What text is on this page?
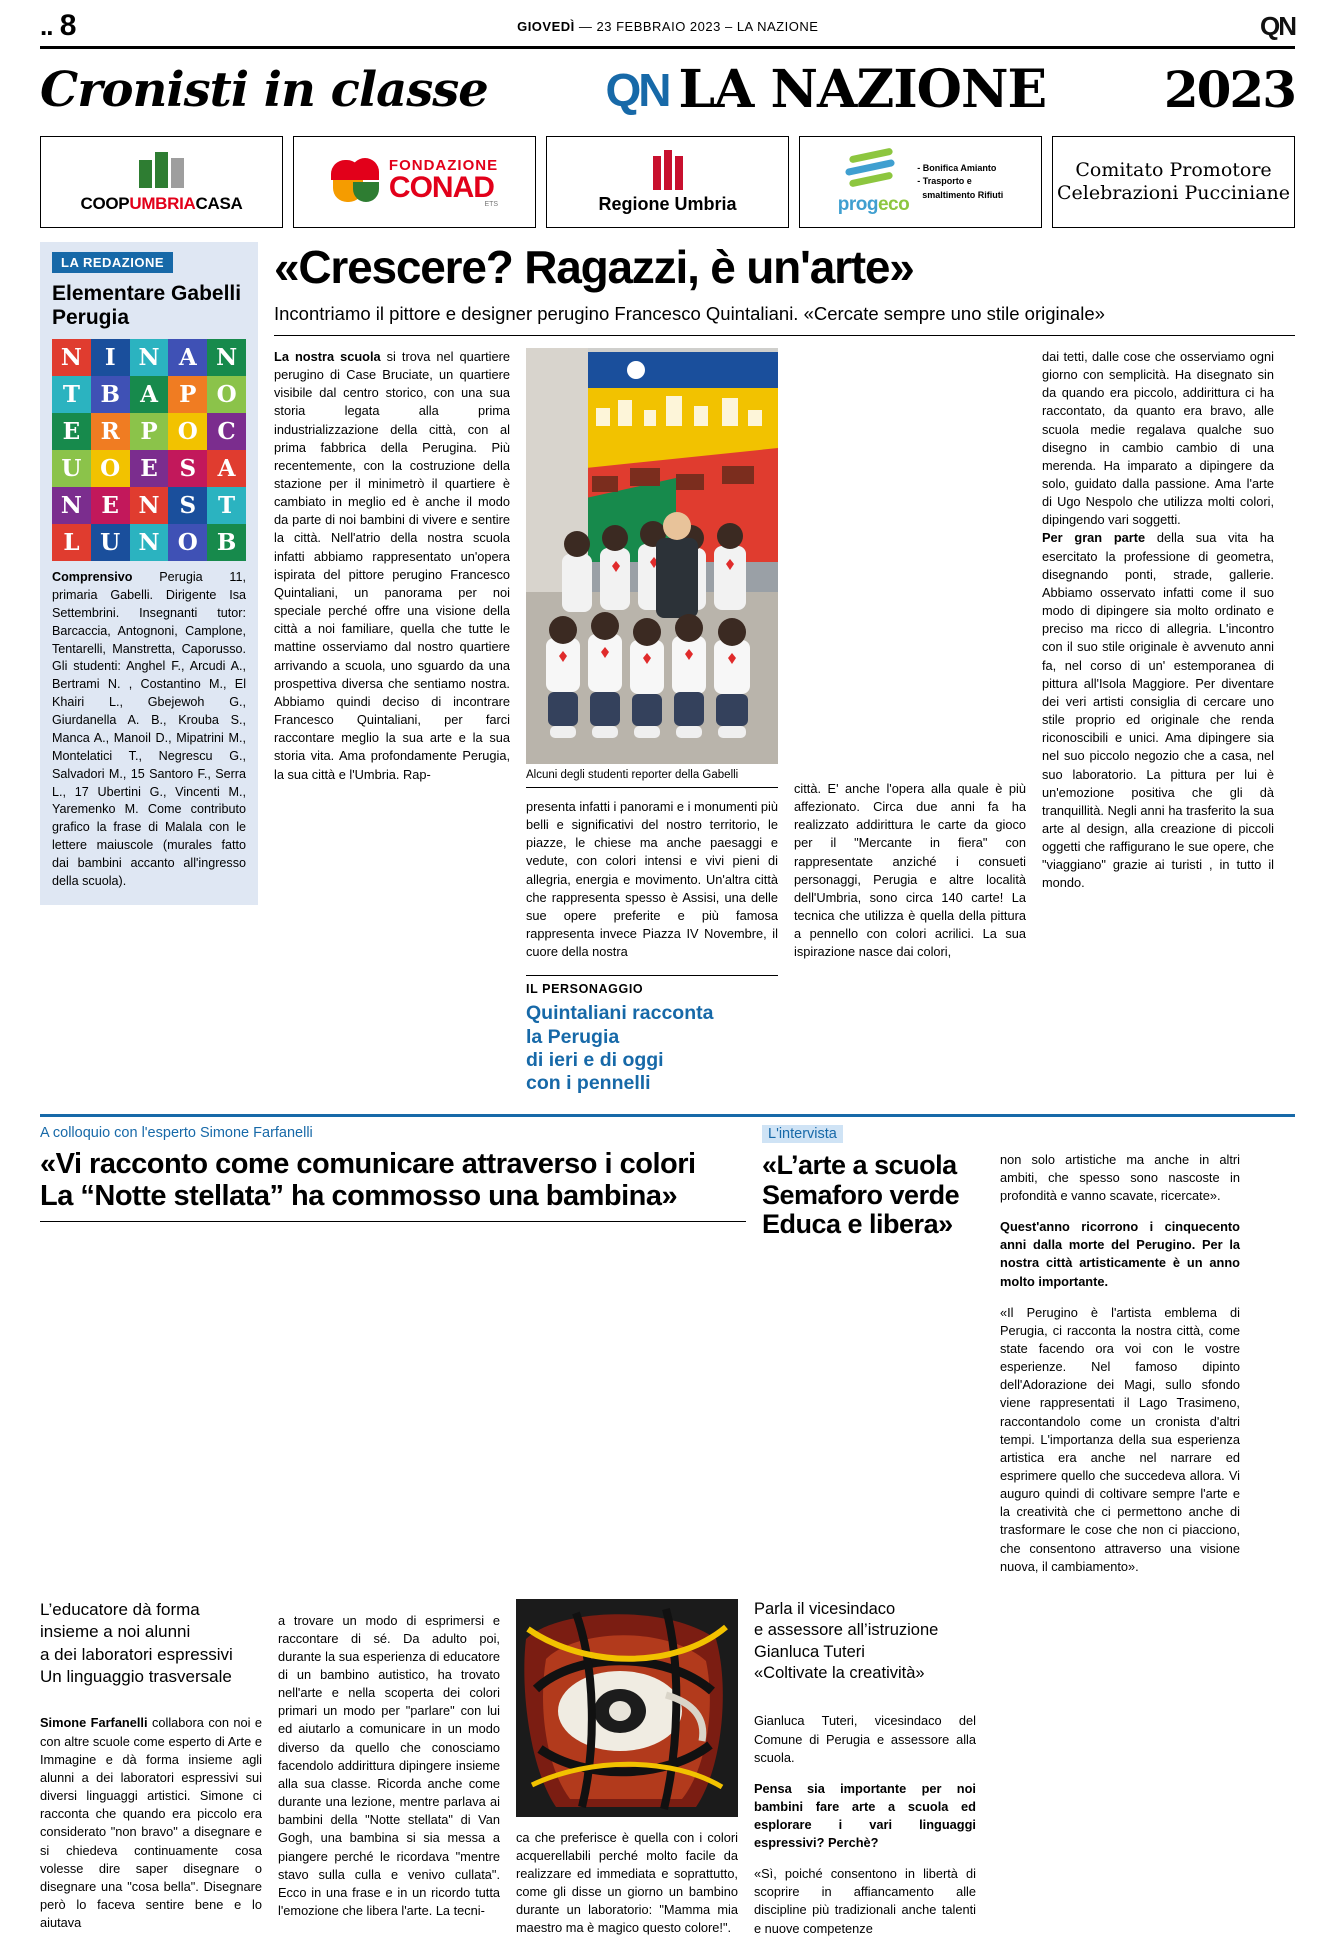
.. 8	GIOVEDÌ — 23 FEBBRAIO 2023 – LA NAZIONE	QN
Cronisti in classe	QN LA NAZIONE 2023
COOPUMBRIACASA
FONDAZIONE
CONAD
ETS	Regione Umbria	progeco
- Bonifica Amianto
- Trasporto e
smaltimento Rifiuti
Comitato Promotore
Celebrazioni Pucciniane
LA REDAZIONE
Elementare Gabelli Perugia
N I N A N
T B A P O
E R P O C
U O E S A
N E N S T
L U N O B

Comprensivo Perugia 11, primaria Gabelli. Dirigente Isa Settembrini. Insegnanti tutor: Barcaccia, Antognoni, Camplone, Tentarelli, Manstretta, Caporusso. Gli studenti: Anghel F., Arcudi A., Bertrami N. , Costantino M., El Khairi L., Gbejewoh G., Giurdanella A. B., Krouba S., Manca A., Manoil D., Mipatrini M., Montelatici T., Negrescu G., Salvadori M., 15 Santoro F., Serra L., 17 Ubertini G., Vincenti M., Yaremenko M. Come contributo grafico la frase di Malala con le lettere maiuscole (murales fatto dai bambini accanto all'ingresso della scuola).

«Crescere? Ragazzi, è un'arte»
Incontriamo il pittore e designer perugino Francesco Quintaliani. «Cercate sempre uno stile originale»

La nostra scuola si trova nel quartiere perugino di Case Bruciate, un quartiere visibile dal centro storico, con una sua storia legata alla prima industrializzazione della città, con al prima fabbrica della Perugina. Più recentemente, con la costruzione della stazione per il minimetrò il quartiere è cambiato in meglio ed è anche il modo da parte di noi bambini di vivere e sentire la città. Nell'atrio della nostra scuola infatti abbiamo rappresentato un'opera ispirata del pittore perugino Francesco Quintaliani, un panorama per noi speciale perché offre una visione della città a noi familiare, quella che tutte le mattine osserviamo dal nostro quartiere arrivando a scuola, uno sguardo da una prospettiva diversa che sentiamo nostra. Abbiamo quindi deciso di incontrare Francesco Quintaliani, per farci raccontare meglio la sua arte e la sua storia vita. Ama profondamente Perugia, la sua città e l'Umbria. Rap-	Alcuni degli studenti reporter della Gabelli

presenta infatti i panorami e i monumenti più belli e significativi del nostro territorio, le piazze, le chiese ma anche paesaggi e vedute, con colori intensi e vivi pieni di allegria, energia e movimento. Un'altra città che rappresenta spesso è Assisi, una delle sue opere preferite e più famosa rappresenta invece Piazza IV Novembre, il cuore della nostra

IL PERSONAGGIO
Quintaliani racconta
la Perugia
di ieri e di oggi
con i pennelli

città. E' anche l'opera alla quale è più affezionato. Circa due anni fa ha realizzato addirittura le carte da gioco per il "Mercante in fiera" con rappresentate anziché i consueti personaggi, Perugia e altre località dell'Umbria, sono circa 140 carte! La tecnica che utilizza è quella della pittura a pennello con colori acrilici. La sua ispirazione nasce dai colori,

dai tetti, dalle cose che osserviamo ogni giorno con semplicità. Ha disegnato sin da quando era piccolo, addirittura ci ha raccontato, da quanto era bravo, alle scuola medie regalava qualche suo disegno in cambio cambio di una merenda. Ha imparato a dipingere da solo, guidato dalla passione. Ama l'arte di Ugo Nespolo che utilizza molti colori, dipingendo vari soggetti.

Per gran parte della sua vita ha esercitato la professione di geometra, disegnando ponti, strade, gallerie. Abbiamo osservato infatti come il suo modo di dipingere sia molto ordinato e preciso ma ricco di allegria. L'incontro con il suo stile originale è avvenuto anni fa, nel corso di un' estemporanea di pittura all'Isola Maggiore. Per diventare dei veri artisti consiglia di cercare uno stile proprio ed originale che renda riconoscibili e unici. Ama dipingere sia nel suo piccolo negozio che a casa, nel suo laboratorio. La pittura per lui è un'emozione positiva che gli dà tranquillità. Negli anni ha trasferito la sua arte al design, alla creazione di piccoli oggetti che raffigurano le sue opere, che "viaggiano" grazie ai turisti , in tutto il mondo.

A colloquio con l'esperto Simone Farfanelli
«Vi racconto come comunicare attraverso i colori
La “Notte stellata” ha commosso una bambina»
L'intervista
«L’arte a scuola
Semaforo verde
Educa e libera»

non solo artistiche ma anche in altri ambiti, che spesso sono nascoste in profondità e vanno scavate, ricercate».

Quest'anno ricorrono i cinquecento anni dalla morte del Perugino. Per la nostra città artisticamente è un anno molto importante.

«Il Perugino è l'artista emblema di Perugia, ci racconta la nostra città, come state facendo ora voi con le vostre esperienze. Nel famoso dipinto dell'Adorazione dei Magi, sullo sfondo viene rappresentati il Lago Trasimeno, raccontandolo come un cronista d'altri tempi. L'importanza della sua esperienza artistica era anche nel narrare ed esprimere quello che succedeva allora. Vi auguro quindi di coltivare sempre l'arte e la creatività che ci permettono anche di trasformare le cose che non ci piacciono, che consentono attraverso una visione nuova, il cambiamento».

L’educatore dà forma
insieme a noi alunni
a dei laboratori espressivi
Un linguaggio trasversale

Simone Farfanelli collabora con noi e con altre scuole come esperto di Arte e Immagine e dà forma insieme agli alunni a dei laboratori espressivi sui diversi linguaggi artistici. Simone ci racconta che quando era piccolo era considerato "non bravo" a disegnare e si chiedeva continuamente cosa volesse dire saper disegnare o disegnare una "cosa bella". Disegnare però lo faceva sentire bene e lo aiutava

a trovare un modo di esprimersi e raccontare di sé. Da adulto poi, durante la sua esperienza di educatore di un bambino autistico, ha trovato nell'arte e nella scoperta dei colori primari un modo per "parlare" con lui ed aiutarlo a comunicare in un modo diverso da quello che conosciamo facendolo addirittura dipingere insieme alla sua classe. Ricorda anche come durante una lezione, mentre parlava ai bambini della "Notte stellata" di Van Gogh, una bambina si sia messa a piangere perché le ricordava "mentre stavo sulla culla e venivo cullata". Ecco in una frase e in un ricordo tutta l'emozione che libera l'arte. La tecni-

ca che preferisce è quella con i colori acquerellabili perché molto facile da realizzare ed immediata e soprattutto, come gli disse un giorno un bambino durante un laboratorio: "Mamma mia maestro ma è magico questo colore!".

Parla il vicesindaco
e assessore all’istruzione
Gianluca Tuteri
«Coltivate la creatività»

Gianluca Tuteri, vicesindaco del Comune di Perugia e assessore alla scuola.

Pensa sia importante per noi bambini fare arte a scuola ed esplorare i vari linguaggi espressivi? Perchè?

«Sì, poiché consentono in libertà di scoprire in affiancamento alle discipline più tradizionali anche talenti e nuove competenze
